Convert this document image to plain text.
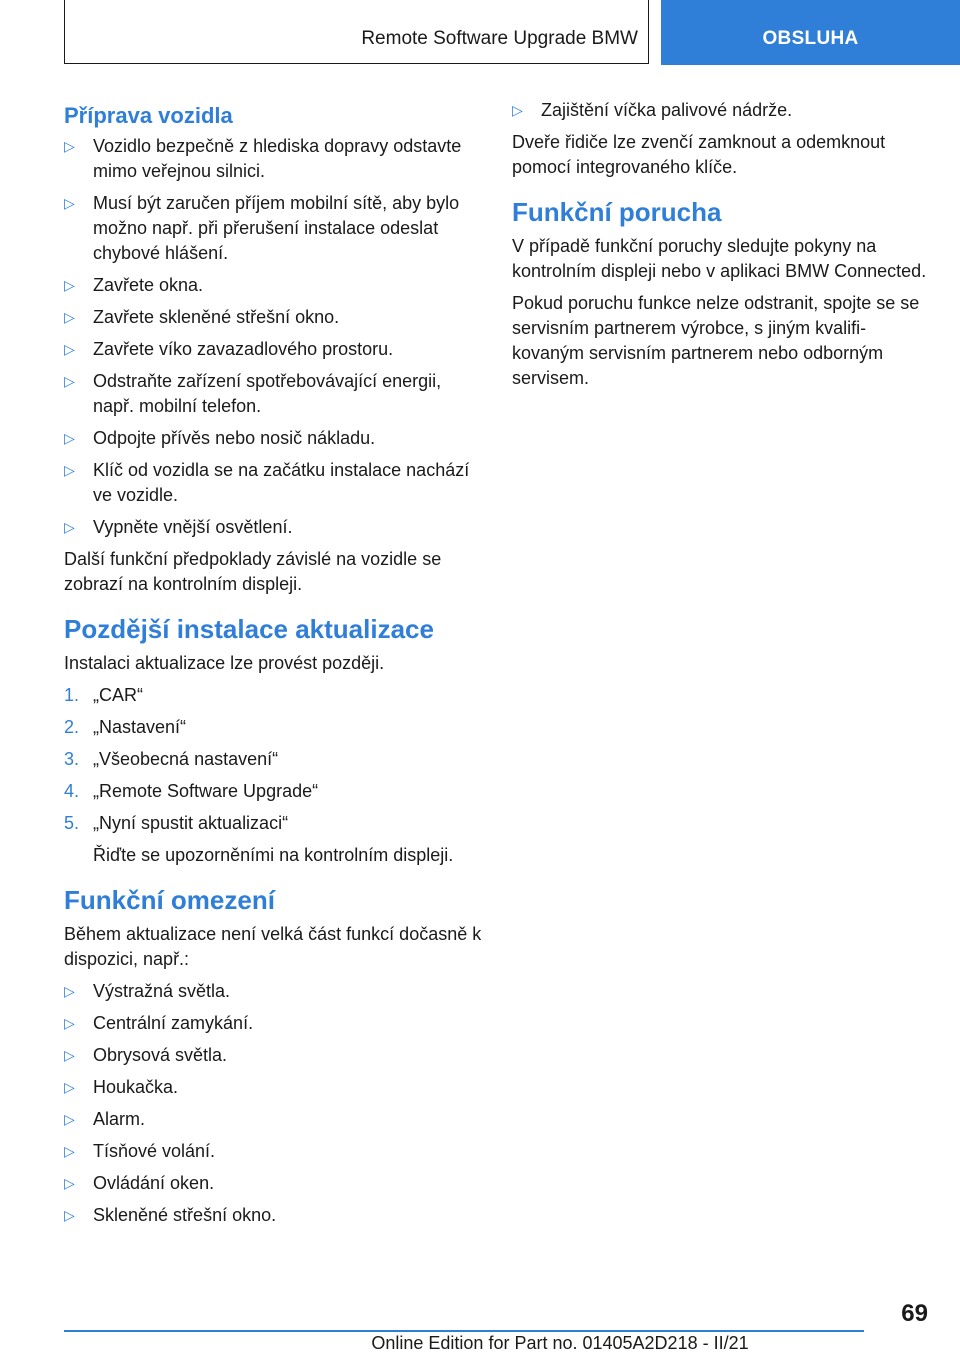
Remote Software Upgrade BMW	OBSLUHA
Příprava vozidla
▷ Vozidlo bezpečně z hlediska dopravy odstavte mimo veřejnou silnici.
▷ Musí být zaručen příjem mobilní sítě, aby bylo možno např. při přerušení instalace odeslat chybové hlášení.
▷ Zavřete okna.
▷ Zavřete skleněné střešní okno.
▷ Zavřete víko zavazadlového prostoru.
▷ Odstraňte zařízení spotřebovávající energii, např. mobilní telefon.
▷ Odpojte přívěs nebo nosič nákladu.
▷ Klíč od vozidla se na začátku instalace nachází ve vozidle.
▷ Vypněte vnější osvětlení.

Další funkční předpoklady závislé na vozidle se zobrazí na kontrolním displeji.

Pozdější instalace aktualizace

Instalaci aktualizace lze provést později.

1. „CAR“
2. „Nastavení“
3. „Všeobecná nastavení“
4. „Remote Software Upgrade“
5. „Nyní spustit aktualizaci“

Řiďte se upozorněními na kontrolním displeji.

Funkční omezení

Během aktualizace není velká část funkcí dočasně k dispozici, např.:

▷ Výstražná světla.
▷ Centrální zamykání.
▷ Obrysová světla.
▷ Houkačka.
▷ Alarm.
▷ Tísňové volání.
▷ Ovládání oken.
▷ Skleněné střešní okno.
▷ Zajištění víčka palivové nádrže.

Dveře řidiče lze zvenčí zamknout a odemknout pomocí integrovaného klíče.

Funkční porucha

V případě funkční poruchy sledujte pokyny na kontrolním displeji nebo v aplikaci BMW Connected.

Pokud poruchu funkce nelze odstranit, spojte se se servisním partnerem výrobce, s jiným kvalifikovaným servisním partnerem nebo odborným servisem.

69
Online Edition for Part no. 01405A2D218 - II/21
